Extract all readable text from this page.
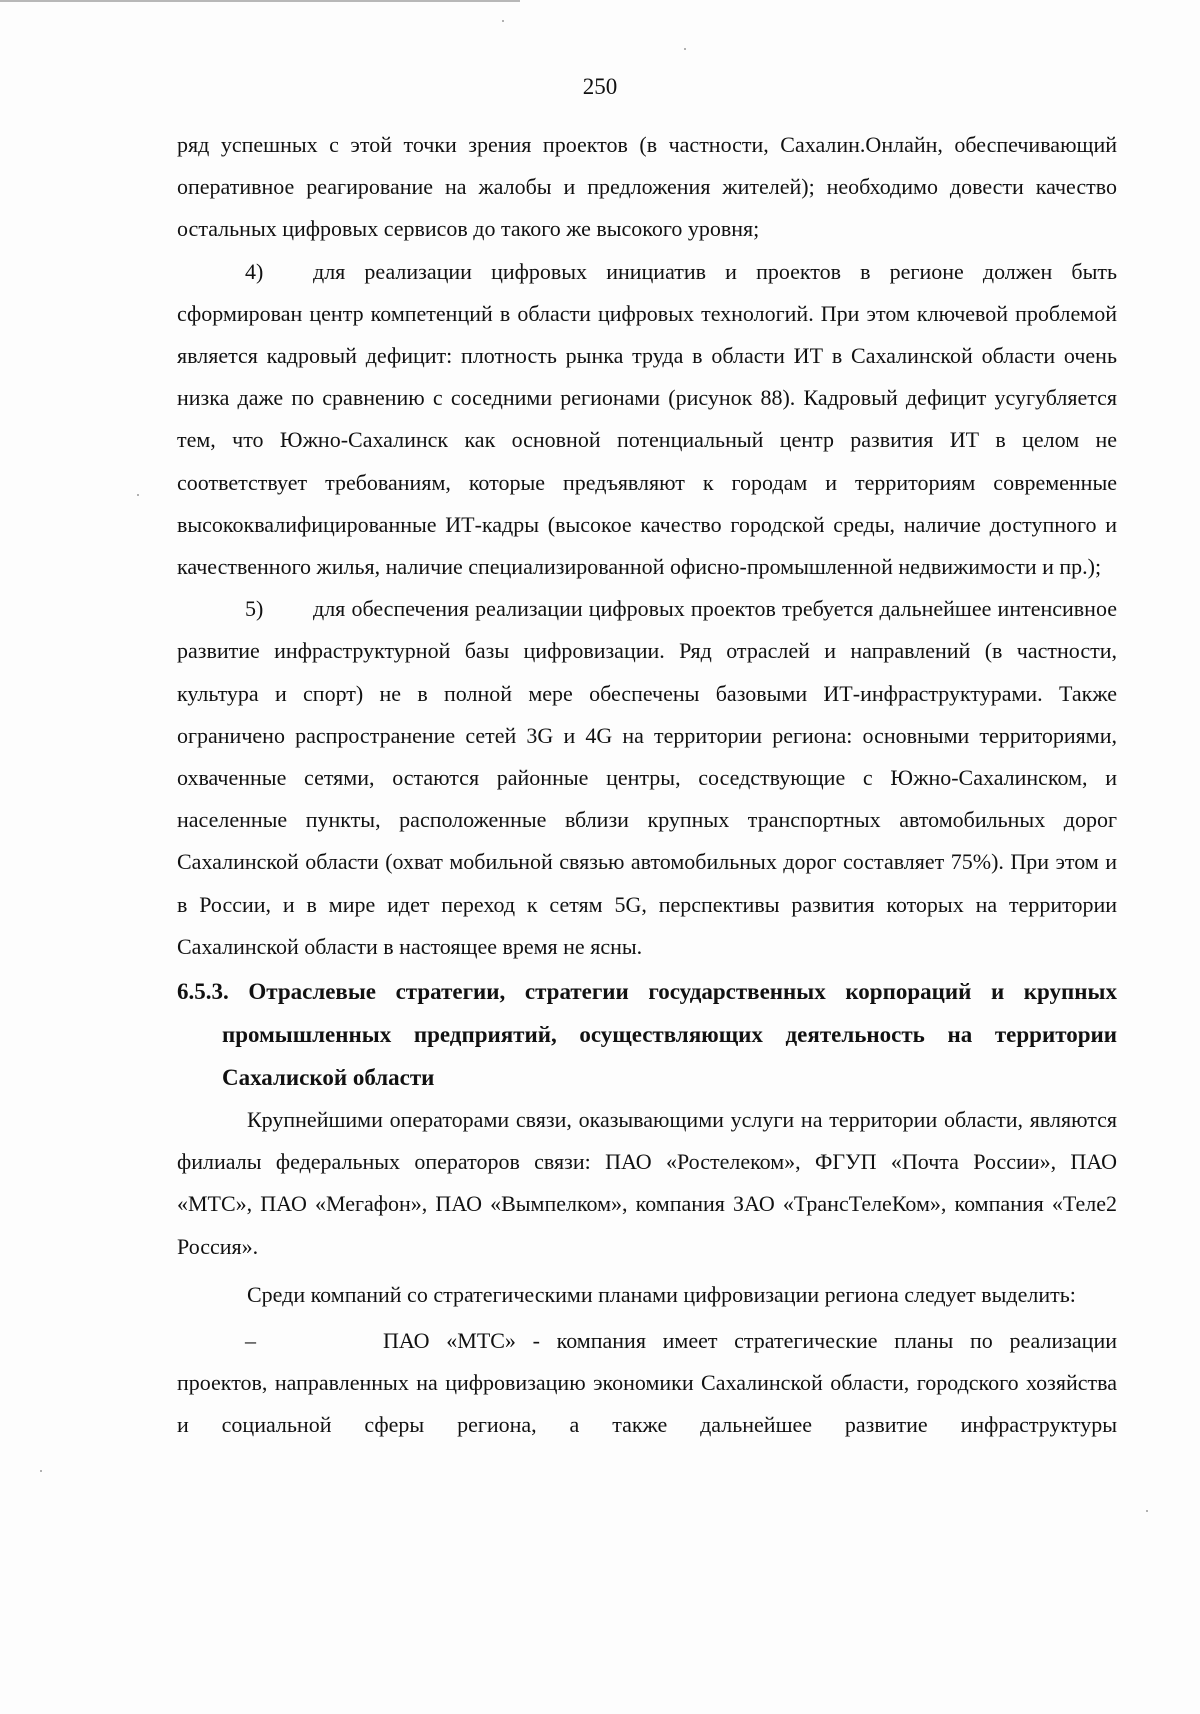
250

ряд успешных с этой точки зрения проектов (в частности, Сахалин.Онлайн, обеспечивающий оперативное реагирование на жалобы и предложения жителей); необходимо довести качество остальных цифровых сервисов до такого же высокого уровня;

4) для реализации цифровых инициатив и проектов в регионе должен быть сформирован центр компетенций в области цифровых технологий. При этом ключевой проблемой является кадровый дефицит: плотность рынка труда в области ИТ в Сахалинской области очень низка даже по сравнению с соседними регионами (рисунок 88). Кадровый дефицит усугубляется тем, что Южно-Сахалинск как основной потенциальный центр развития ИТ в целом не соответствует требованиям, которые предъявляют к городам и территориям современные высококвалифицированные ИТ-кадры (высокое качество городской среды, наличие доступного и качественного жилья, наличие специализированной офисно-промышленной недвижимости и пр.);

5) для обеспечения реализации цифровых проектов требуется дальнейшее интенсивное развитие инфраструктурной базы цифровизации. Ряд отраслей и направлений (в частности, культура и спорт) не в полной мере обеспечены базовыми ИТ-инфраструктурами. Также ограничено распространение сетей 3G и 4G на территории региона: основными территориями, охваченные сетями, остаются районные центры, соседствующие с Южно-Сахалинском, и населенные пункты, расположенные вблизи крупных транспортных автомобильных дорог Сахалинской области (охват мобильной связью автомобильных дорог составляет 75%). При этом и в России, и в мире идет переход к сетям 5G, перспективы развития которых на территории Сахалинской области в настоящее время не ясны.

6.5.3. Отраслевые стратегии, стратегии государственных корпораций и крупных промышленных предприятий, осуществляющих деятельность на территории Сахалиской области

Крупнейшими операторами связи, оказывающими услуги на территории области, являются филиалы федеральных операторов связи: ПАО «Ростелеком», ФГУП «Почта России», ПАО «МТС», ПАО «Мегафон», ПАО «Вымпелком», компания ЗАО «ТрансТелеКом», компания «Теле2 Россия».

Среди компаний со стратегическими планами цифровизации региона следует выделить:

–	ПАО «МТС» - компания имеет стратегические планы по реализации проектов, направленных на цифровизацию экономики Сахалинской области, городского хозяйства и социальной сферы региона, а также дальнейшее развитие инфраструктуры
